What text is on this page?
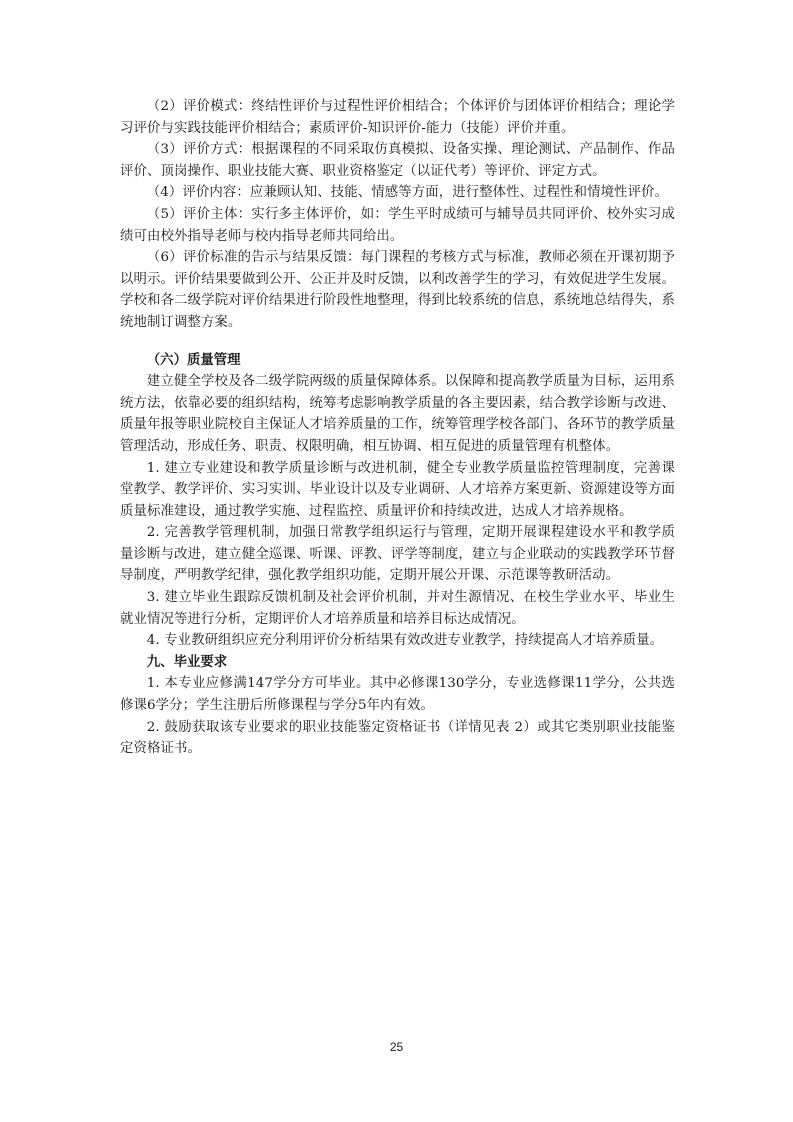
（2）评价模式：终结性评价与过程性评价相结合；个体评价与团体评价相结合；理论学习评价与实践技能评价相结合；素质评价-知识评价-能力（技能）评价并重。

（3）评价方式：根据课程的不同采取仿真模拟、设备实操、理论测试、产品制作、作品评价、顶岗操作、职业技能大赛、职业资格鉴定（以证代考）等评价、评定方式。

（4）评价内容：应兼顾认知、技能、情感等方面，进行整体性、过程性和情境性评价。

（5）评价主体：实行多主体评价，如：学生平时成绩可与辅导员共同评价、校外实习成绩可由校外指导老师与校内指导老师共同给出。

（6）评价标准的告示与结果反馈：每门课程的考核方式与标准，教师必须在开课初期予以明示。评价结果要做到公开、公正并及时反馈，以利改善学生的学习，有效促进学生发展。学校和各二级学院对评价结果进行阶段性地整理，得到比较系统的信息，系统地总结得失，系统地制订调整方案。

（六）质量管理

建立健全学校及各二级学院两级的质量保障体系。以保障和提高教学质量为目标，运用系统方法，依靠必要的组织结构，统筹考虑影响教学质量的各主要因素，结合教学诊断与改进、质量年报等职业院校自主保证人才培养质量的工作，统筹管理学校各部门、各环节的教学质量管理活动，形成任务、职责、权限明确，相互协调、相互促进的质量管理有机整体。

1. 建立专业建设和教学质量诊断与改进机制，健全专业教学质量监控管理制度，完善课堂教学、教学评价、实习实训、毕业设计以及专业调研、人才培养方案更新、资源建设等方面质量标准建设，通过教学实施、过程监控、质量评价和持续改进，达成人才培养规格。

2. 完善教学管理机制，加强日常教学组织运行与管理，定期开展课程建设水平和教学质量诊断与改进，建立健全巡课、听课、评教、评学等制度，建立与企业联动的实践教学环节督导制度，严明教学纪律，强化教学组织功能，定期开展公开课、示范课等教研活动。

3. 建立毕业生跟踪反馈机制及社会评价机制，并对生源情况、在校生学业水平、毕业生就业情况等进行分析，定期评价人才培养质量和培养目标达成情况。

4. 专业教研组织应充分利用评价分析结果有效改进专业教学，持续提高人才培养质量。

九、毕业要求

1. 本专业应修满147学分方可毕业。其中必修课130学分，专业选修课11学分，公共选修课6学分；学生注册后所修课程与学分5年内有效。

2. 鼓励获取该专业要求的职业技能鉴定资格证书（详情见表 2）或其它类别职业技能鉴定资格证书。

25
